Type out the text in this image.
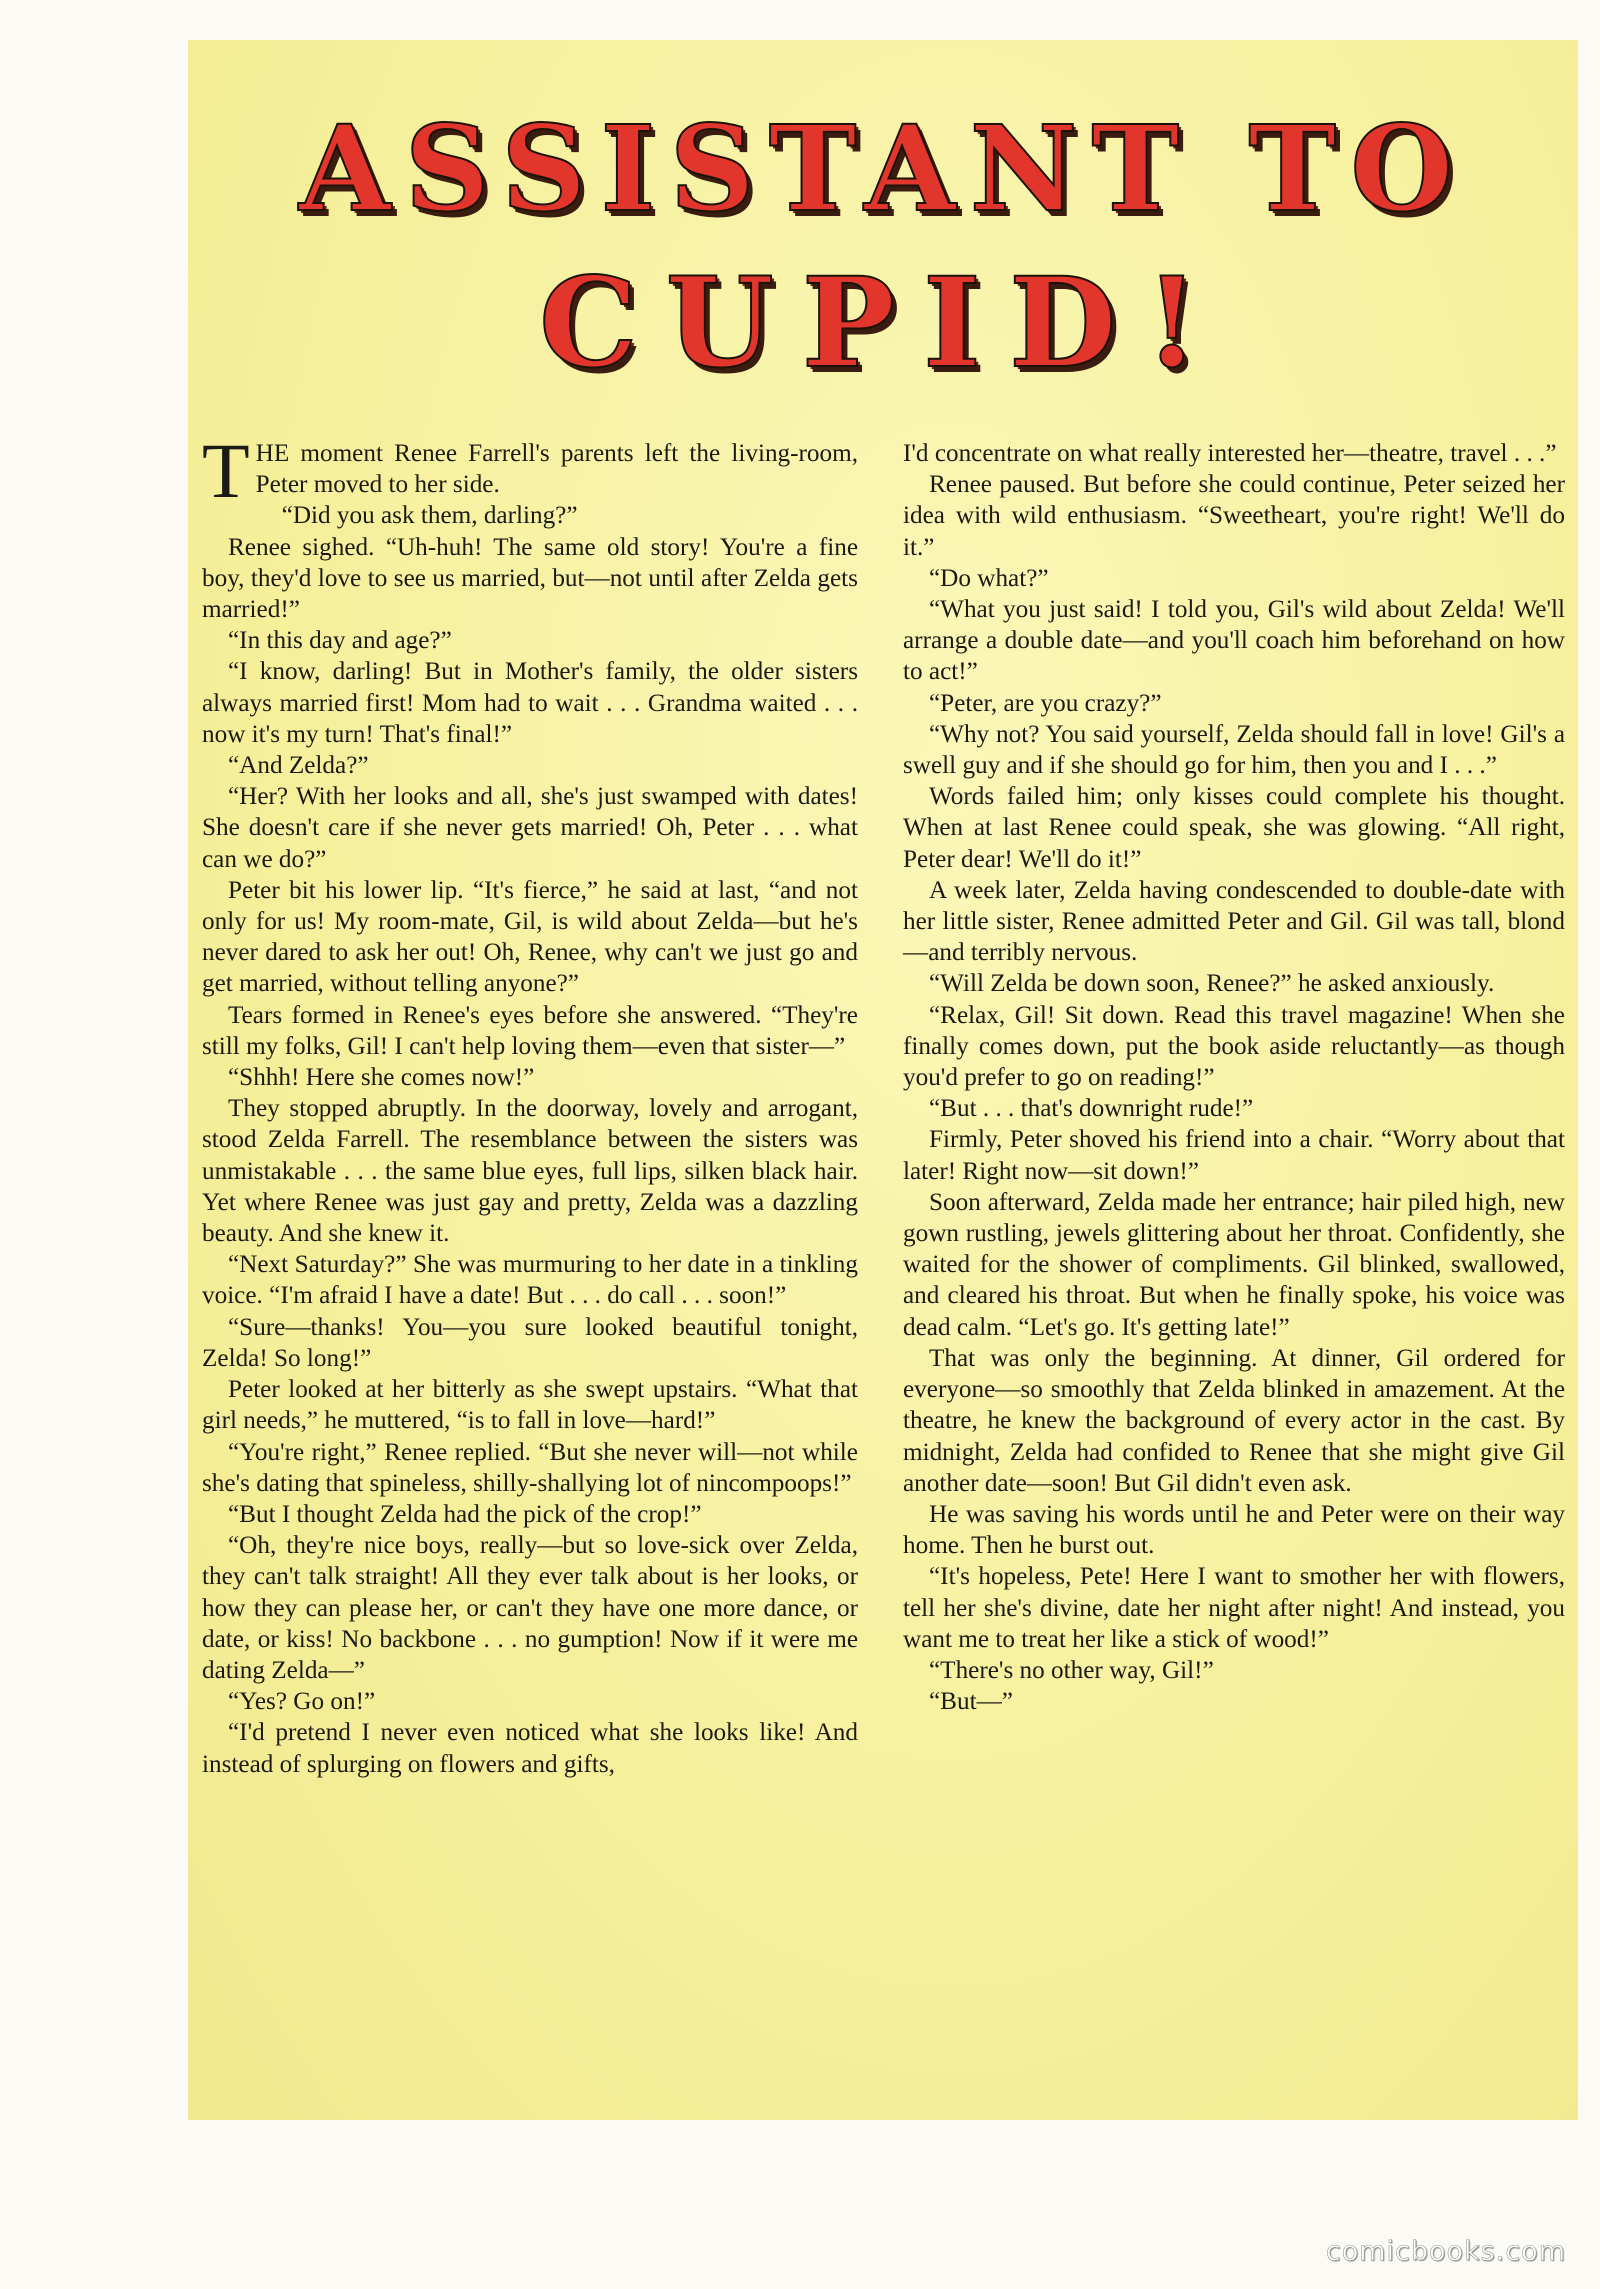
ASSISTANT TO
CUPID!

THE moment Renee Farrell's parents left the living-room, Peter moved to her side.

“Did you ask them, darling?”

Renee sighed. “Uh-huh! The same old story! You're a fine boy, they'd love to see us married, but—not until after Zelda gets married!”

“In this day and age?”

“I know, darling! But in Mother's family, the older sisters always married first! Mom had to wait . . . Grandma waited . . . now it's my turn! That's final!”

“And Zelda?”

“Her? With her looks and all, she's just swamped with dates! She doesn't care if she never gets married! Oh, Peter . . . what can we do?”

Peter bit his lower lip. “It's fierce,” he said at last, “and not only for us! My room-mate, Gil, is wild about Zelda—but he's never dared to ask her out! Oh, Renee, why can't we just go and get married, without telling anyone?”

Tears formed in Renee's eyes before she answered. “They're still my folks, Gil! I can't help loving them—even that sister—”

“Shhh! Here she comes now!”

They stopped abruptly. In the doorway, lovely and arrogant, stood Zelda Farrell. The resemblance between the sisters was unmistakable . . . the same blue eyes, full lips, silken black hair. Yet where Renee was just gay and pretty, Zelda was a dazzling beauty. And she knew it.

“Next Saturday?” She was murmuring to her date in a tinkling voice. “I'm afraid I have a date! But . . . do call . . . soon!”

“Sure—thanks! You—you sure looked beautiful tonight, Zelda! So long!”

Peter looked at her bitterly as she swept upstairs. “What that girl needs,” he muttered, “is to fall in love—hard!”

“You're right,” Renee replied. “But she never will—not while she's dating that spineless, shilly-shallying lot of nincompoops!”

“But I thought Zelda had the pick of the crop!”

“Oh, they're nice boys, really—but so love-sick over Zelda, they can't talk straight! All they ever talk about is her looks, or how they can please her, or can't they have one more dance, or date, or kiss! No backbone . . . no gumption! Now if it were me dating Zelda—”

“Yes? Go on!”

“I'd pretend I never even noticed what she looks like! And instead of splurging on flowers and gifts,

I'd concentrate on what really interested her—theatre, travel . . .”

Renee paused. But before she could continue, Peter seized her idea with wild enthusiasm. “Sweetheart, you're right! We'll do it.”

“Do what?”

“What you just said! I told you, Gil's wild about Zelda! We'll arrange a double date—and you'll coach him beforehand on how to act!”

“Peter, are you crazy?”

“Why not? You said yourself, Zelda should fall in love! Gil's a swell guy and if she should go for him, then you and I . . .”

Words failed him; only kisses could complete his thought. When at last Renee could speak, she was glowing. “All right, Peter dear! We'll do it!”

A week later, Zelda having condescended to double-date with her little sister, Renee admitted Peter and Gil. Gil was tall, blond—and terribly nervous.

“Will Zelda be down soon, Renee?” he asked anxiously.

“Relax, Gil! Sit down. Read this travel magazine! When she finally comes down, put the book aside reluctantly—as though you'd prefer to go on reading!”

“But . . . that's downright rude!”

Firmly, Peter shoved his friend into a chair. “Worry about that later! Right now—sit down!”

Soon afterward, Zelda made her entrance; hair piled high, new gown rustling, jewels glittering about her throat. Confidently, she waited for the shower of compliments. Gil blinked, swallowed, and cleared his throat. But when he finally spoke, his voice was dead calm. “Let's go. It's getting late!”

That was only the beginning. At dinner, Gil ordered for everyone—so smoothly that Zelda blinked in amazement. At the theatre, he knew the background of every actor in the cast. By midnight, Zelda had confided to Renee that she might give Gil another date—soon! But Gil didn't even ask.

He was saving his words until he and Peter were on their way home. Then he burst out.

“It's hopeless, Pete! Here I want to smother her with flowers, tell her she's divine, date her night after night! And instead, you want me to treat her like a stick of wood!”

“There's no other way, Gil!”

“But—”

comicbooks.com
